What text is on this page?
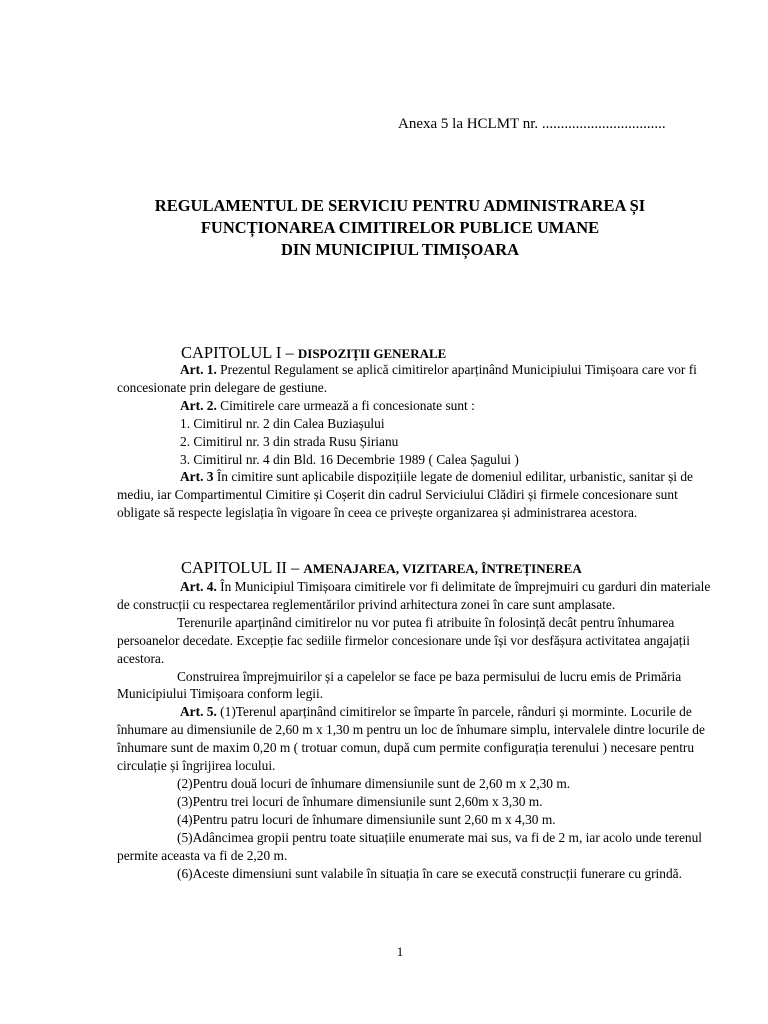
Anexa 5 la HCLMT nr. .................................
REGULAMENTUL DE SERVICIU PENTRU ADMINISTRAREA ȘI
FUNCȚIONAREA CIMITIRELOR PUBLICE UMANE
DIN MUNICIPIUL TIMIȘOARA
CAPITOLUL I – DISPOZIȚII GENERALE

Art. 1. Prezentul Regulament se aplică cimitirelor aparținând Municipiului Timișoara care vor fi concesionate prin delegare de gestiune.

Art. 2. Cimitirele care urmează a fi concesionate sunt :

1. Cimitirul nr. 2 din Calea Buziașului

2. Cimitirul nr. 3 din strada Rusu Șirianu

3. Cimitirul nr. 4 din Bld. 16 Decembrie 1989 ( Calea Șagului )

Art. 3 În cimitire sunt aplicabile dispozițiile legate de domeniul edilitar, urbanistic, sanitar și de mediu, iar Compartimentul Cimitire și Coșerit din cadrul Serviciului Clădiri și firmele concesionare sunt obligate să respecte legislația în vigoare în ceea ce privește organizarea și administrarea acestora.

CAPITOLUL II – AMENAJAREA, VIZITAREA, ÎNTREȚINEREA

Art. 4. În Municipiul Timișoara cimitirele vor fi delimitate de împrejmuiri cu garduri din materiale de construcții cu respectarea reglementărilor privind arhitectura zonei în care sunt amplasate.

Terenurile aparținând cimitirelor nu vor putea fi atribuite în folosință decât pentru înhumarea persoanelor decedate. Excepție fac sediile firmelor concesionare unde își vor desfășura activitatea angajații acestora.

Construirea împrejmuirilor și a capelelor se face pe baza permisului de lucru emis de Primăria Municipiului Timișoara conform legii.

Art. 5. (1)Terenul aparținând cimitirelor se împarte în parcele, rânduri și morminte. Locurile de înhumare au dimensiunile de 2,60 m x 1,30 m pentru un loc de înhumare simplu, intervalele dintre locurile de înhumare sunt de maxim 0,20 m ( trotuar comun, după cum permite configurația terenului ) necesare pentru circulație și îngrijirea locului.

(2)Pentru două locuri de înhumare dimensiunile sunt de 2,60 m x 2,30 m.

(3)Pentru trei locuri de înhumare dimensiunile sunt 2,60m x 3,30 m.

(4)Pentru patru locuri de înhumare dimensiunile sunt 2,60 m x 4,30 m.

(5)Adâncimea gropii pentru toate situațiile enumerate mai sus, va fi de 2 m, iar acolo unde terenul permite aceasta va fi de 2,20 m.

(6)Aceste dimensiuni sunt valabile în situația în care se execută construcții funerare cu grindă.

1
